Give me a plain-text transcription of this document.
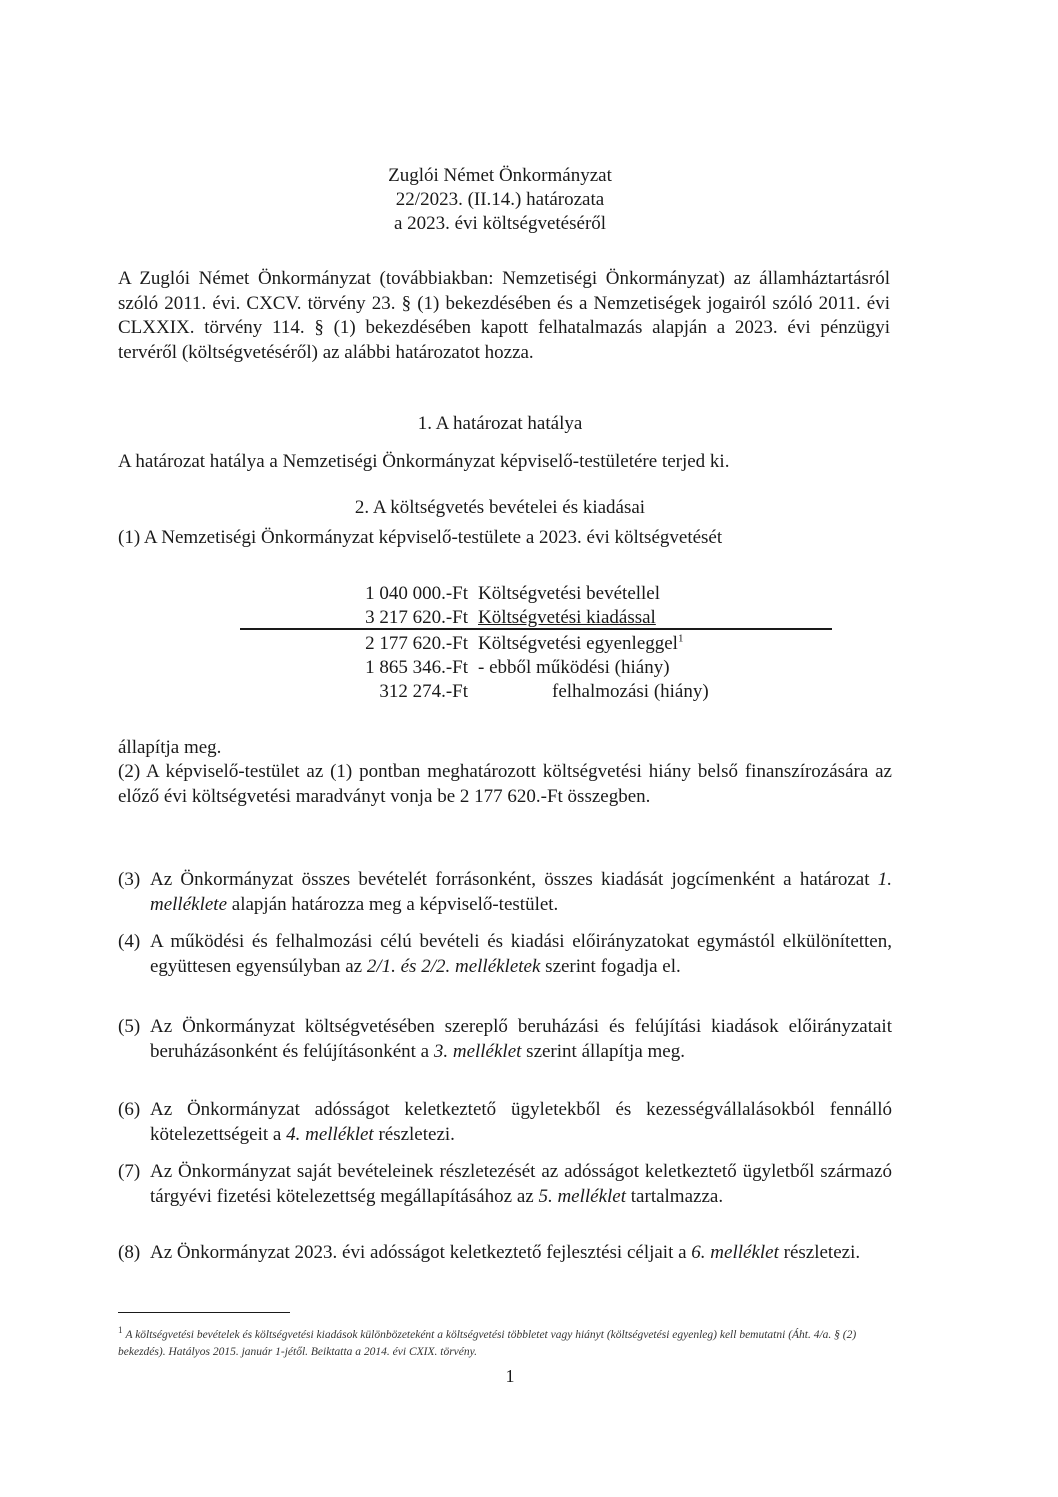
Zuglói Német Önkormányzat
22/2023. (II.14.) határozata
a 2023. évi költségvetéséről
A Zuglói Német Önkormányzat (továbbiakban: Nemzetiségi Önkormányzat) az államháztartásról szóló 2011. évi. CXCV. törvény 23. § (1) bekezdésében és a Nemzetiségek jogairól szóló 2011. évi CLXXIX. törvény 114. § (1) bekezdésében kapott felhatalmazás alapján a 2023. évi pénzügyi tervéről (költségvetéséről) az alábbi határozatot hozza.
1. A határozat hatálya
A határozat hatálya a Nemzetiségi Önkormányzat képviselő-testületére terjed ki.
2. A költségvetés bevételei és kiadásai
(1) A Nemzetiségi Önkormányzat képviselő-testülete a 2023. évi költségvetését
1 040 000.-Ft Költségvetési bevétellel
3 217 620.-Ft Költségvetési kiadással
2 177 620.-Ft Költségvetési egyenleggel$^1$
1 865 346.-Ft - ebből működési (hiány)
312 274.-Ft	felhalmozási (hiány)
állapítja meg.
(2) A képviselő-testület az (1) pontban meghatározott költségvetési hiány belső finanszírozására az előző évi költségvetési maradványt vonja be 2 177 620.-Ft összegben.
(3) Az Önkormányzat összes bevételét forrásonként, összes kiadását jogcímenként a határozat 1. melléklete alapján határozza meg a képviselő-testület.
(4) A működési és felhalmozási célú bevételi és kiadási előirányzatokat egymástól elkülönítetten, együttesen egyensúlyban az 2/1. és 2/2. mellékletek szerint fogadja el.
(5) Az Önkormányzat költségvetésében szereplő beruházási és felújítási kiadások előirányzatait beruházásonként és felújításonként a 3. melléklet szerint állapítja meg.
(6) Az Önkormányzat adósságot keletkeztető ügyletekből és kezességvállalásokból fennálló kötelezettségeit a 4. melléklet részletezi.
(7) Az Önkormányzat saját bevételeinek részletezését az adósságot keletkeztető ügyletből származó tárgyévi fizetési kötelezettség megállapításához az 5. melléklet tartalmazza.
(8) Az Önkormányzat 2023. évi adósságot keletkeztető fejlesztési céljait a 6. melléklet részletezi.
$^1$ A költségvetési bevételek és költségvetési kiadások különbözeteként a költségvetési többletet vagy hiányt (költségvetési egyenleg) kell bemutatni (Áht. 4/a. § (2) bekezdés). Hatályos 2015. január 1-jétől. Beiktatta a 2014. évi CXIX. törvény.
1
